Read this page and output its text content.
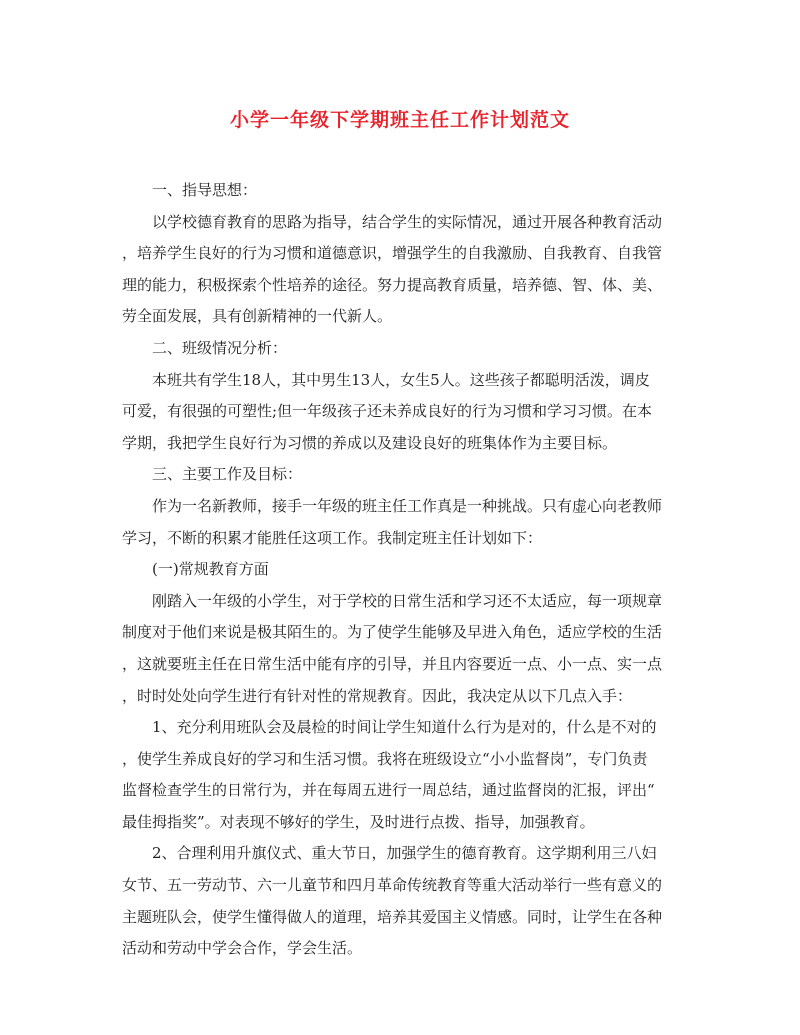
小学一年级下学期班主任工作计划范文
一、指导思想：
以学校德育教育的思路为指导，结合学生的实际情况，通过开展各种教育活动
，培养学生良好的行为习惯和道德意识，增强学生的自我激励、自我教育、自我管
理的能力，积极探索个性培养的途径。努力提高教育质量，培养德、智、体、美、
劳全面发展，具有创新精神的一代新人。
二、班级情况分析：
本班共有学生18人，其中男生13人，女生5人。这些孩子都聪明活泼，调皮
可爱，有很强的可塑性;但一年级孩子还未养成良好的行为习惯和学习习惯。在本
学期，我把学生良好行为习惯的养成以及建设良好的班集体作为主要目标。
三、主要工作及目标：
作为一名新教师，接手一年级的班主任工作真是一种挑战。只有虚心向老教师
学习，不断的积累才能胜任这项工作。我制定班主任计划如下：
(一)常规教育方面
刚踏入一年级的小学生，对于学校的日常生活和学习还不太适应，每一项规章
制度对于他们来说是极其陌生的。为了使学生能够及早进入角色，适应学校的生活
，这就要班主任在日常生活中能有序的引导，并且内容要近一点、小一点、实一点
，时时处处向学生进行有针对性的常规教育。因此，我决定从以下几点入手：
1、充分利用班队会及晨检的时间让学生知道什么行为是对的，什么是不对的
，使学生养成良好的学习和生活习惯。我将在班级设立“小小监督岗”，专门负责
监督检查学生的日常行为，并在每周五进行一周总结，通过监督岗的汇报，评出“
最佳拇指奖”。对表现不够好的学生，及时进行点拨、指导，加强教育。
2、合理利用升旗仪式、重大节日，加强学生的德育教育。这学期利用三八妇
女节、五一劳动节、六一儿童节和四月革命传统教育等重大活动举行一些有意义的
主题班队会，使学生懂得做人的道理，培养其爱国主义情感。同时，让学生在各种
活动和劳动中学会合作，学会生活。
